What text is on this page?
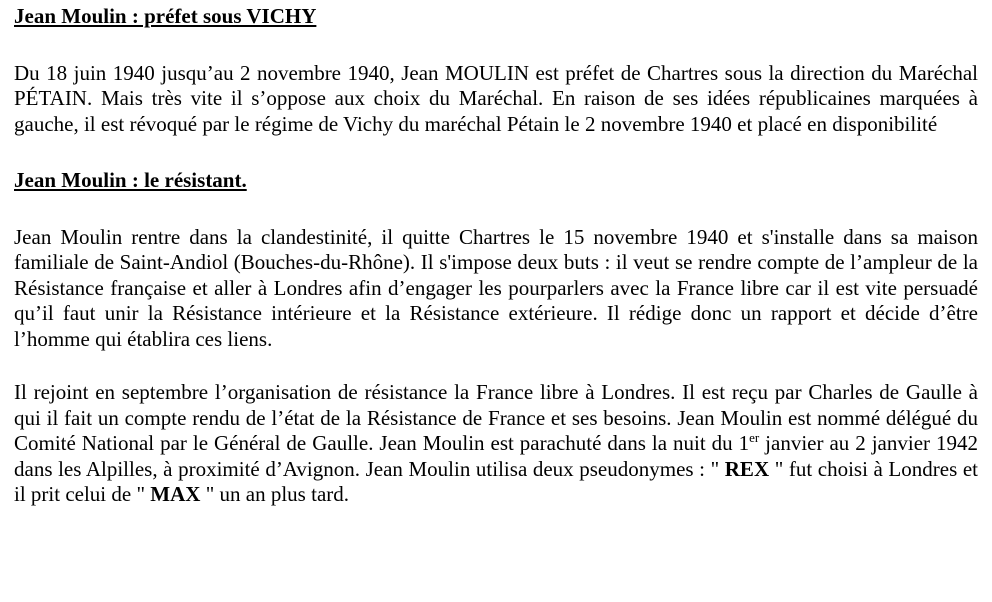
Jean Moulin : préfet sous VICHY

Du 18 juin 1940 jusqu’au 2 novembre 1940, Jean MOULIN est préfet de Chartres sous la direction du Maréchal PÉTAIN. Mais très vite il s’oppose aux choix du Maréchal. En raison de ses idées républicaines marquées à gauche, il est révoqué par le régime de Vichy du maréchal Pétain le 2 novembre 1940 et placé en disponibilité

Jean Moulin : le résistant.

Jean Moulin rentre dans la clandestinité, il quitte Chartres le 15 novembre 1940 et s'installe dans sa maison familiale de Saint-Andiol (Bouches-du-Rhône). Il s'impose deux buts : il veut se rendre compte de l’ampleur de la Résistance française et aller à Londres afin d’engager les pourparlers avec la France libre car il est vite persuadé qu’il faut unir la Résistance intérieure et la Résistance extérieure. Il rédige donc un rapport et décide d’être l’homme qui établira ces liens.

Il rejoint en septembre l’organisation de résistance la France libre à Londres. Il est reçu par Charles de Gaulle à qui il fait un compte rendu de l’état de la Résistance de France et ses besoins. Jean Moulin est nommé délégué du Comité National par le Général de Gaulle. Jean Moulin est parachuté dans la nuit du 1er janvier au 2 janvier 1942 dans les Alpilles, à proximité d’Avignon. Jean Moulin utilisa deux pseudonymes : " REX " fut choisi à Londres et il prit celui de " MAX " un an plus tard.
